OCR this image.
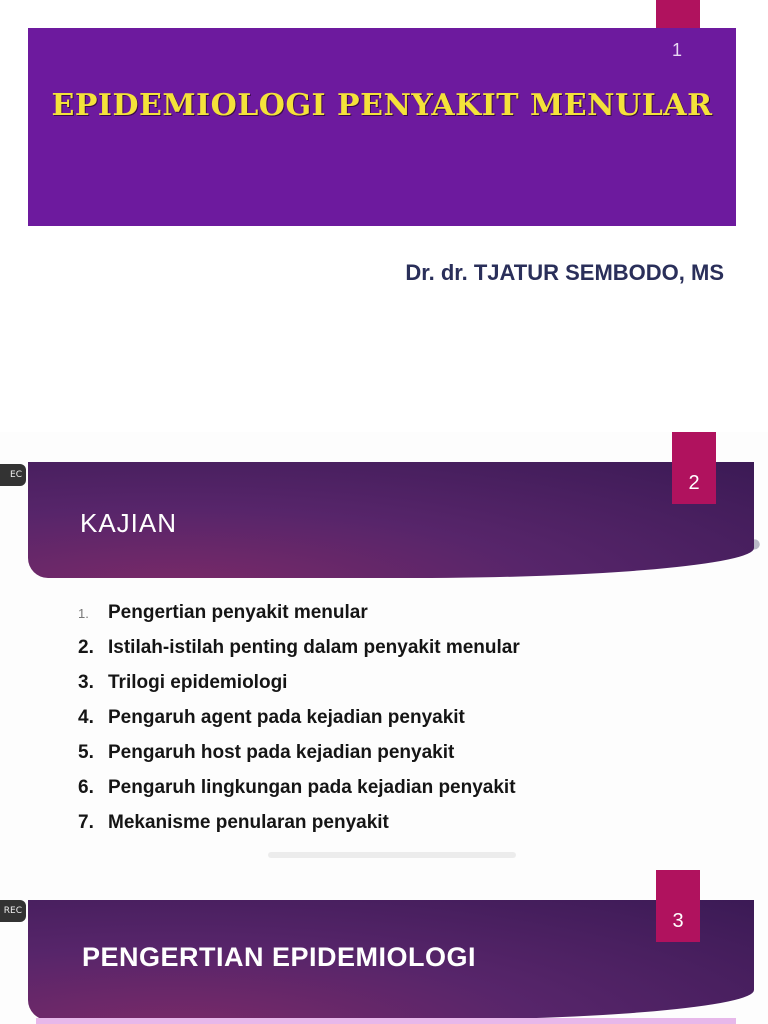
1
EPIDEMIOLOGI PENYAKIT MENULAR
Dr. dr. TJATUR SEMBODO, MS
EC	2
KAJIAN
1.	Pengertian penyakit menular
2. Istilah-istilah penting dalam penyakit menular
3. Trilogi epidemiologi
4. Pengaruh agent pada kejadian penyakit
5. Pengaruh host pada kejadian penyakit
6. Pengaruh lingkungan pada kejadian penyakit
7. Mekanisme penularan penyakit
REC	3
PENGERTIAN EPIDEMIOLOGI
